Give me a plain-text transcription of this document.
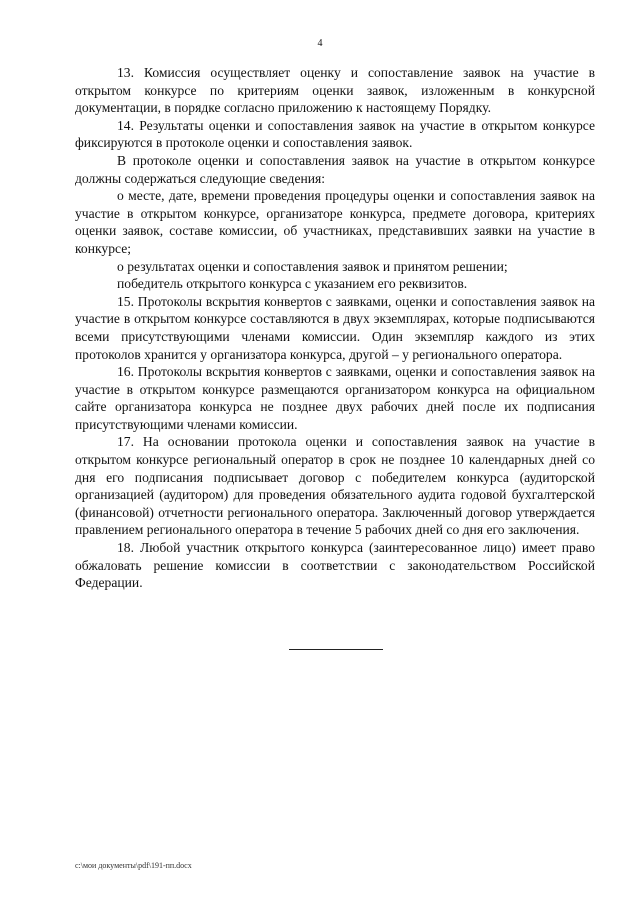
4

13. Комиссия осуществляет оценку и сопоставление заявок на участие в открытом конкурсе по критериям оценки заявок, изложенным в конкурсной документации, в порядке согласно приложению к настоящему Порядку.

14. Результаты оценки и сопоставления заявок на участие в открытом конкурсе фиксируются в протоколе оценки и сопоставления заявок.

В протоколе оценки и сопоставления заявок на участие в открытом конкурсе должны содержаться следующие сведения:

о месте, дате, времени проведения процедуры оценки и сопоставления заявок на участие в открытом конкурсе, организаторе конкурса, предмете договора, критериях оценки заявок, составе комиссии, об участниках, представивших заявки на участие в конкурсе;

о результатах оценки и сопоставления заявок и принятом решении;

победитель открытого конкурса с указанием его реквизитов.

15. Протоколы вскрытия конвертов с заявками, оценки и сопоставления заявок на участие в открытом конкурсе составляются в двух экземплярах, которые подписываются всеми присутствующими членами комиссии. Один экземпляр каждого из этих протоколов хранится у организатора конкурса, другой – у регионального оператора.

16. Протоколы вскрытия конвертов с заявками, оценки и сопоставления заявок на участие в открытом конкурсе размещаются организатором конкурса на официальном сайте организатора конкурса не позднее двух рабочих дней после их подписания присутствующими членами комиссии.

17. На основании протокола оценки и сопоставления заявок на участие в открытом конкурсе региональный оператор в срок не позднее 10 календарных дней со дня его подписания подписывает договор с победителем конкурса (аудиторской организацией (аудитором) для проведения обязательного аудита годовой бухгалтерской (финансовой) отчетности регионального оператора. Заключенный договор утверждается правлением регионального оператора в течение 5 рабочих дней со дня его заключения.

18. Любой участник открытого конкурса (заинтересованное лицо) имеет право обжаловать решение комиссии в соответствии с законодательством Российской Федерации.

c:\мои документы\pdf\191-пп.docx
